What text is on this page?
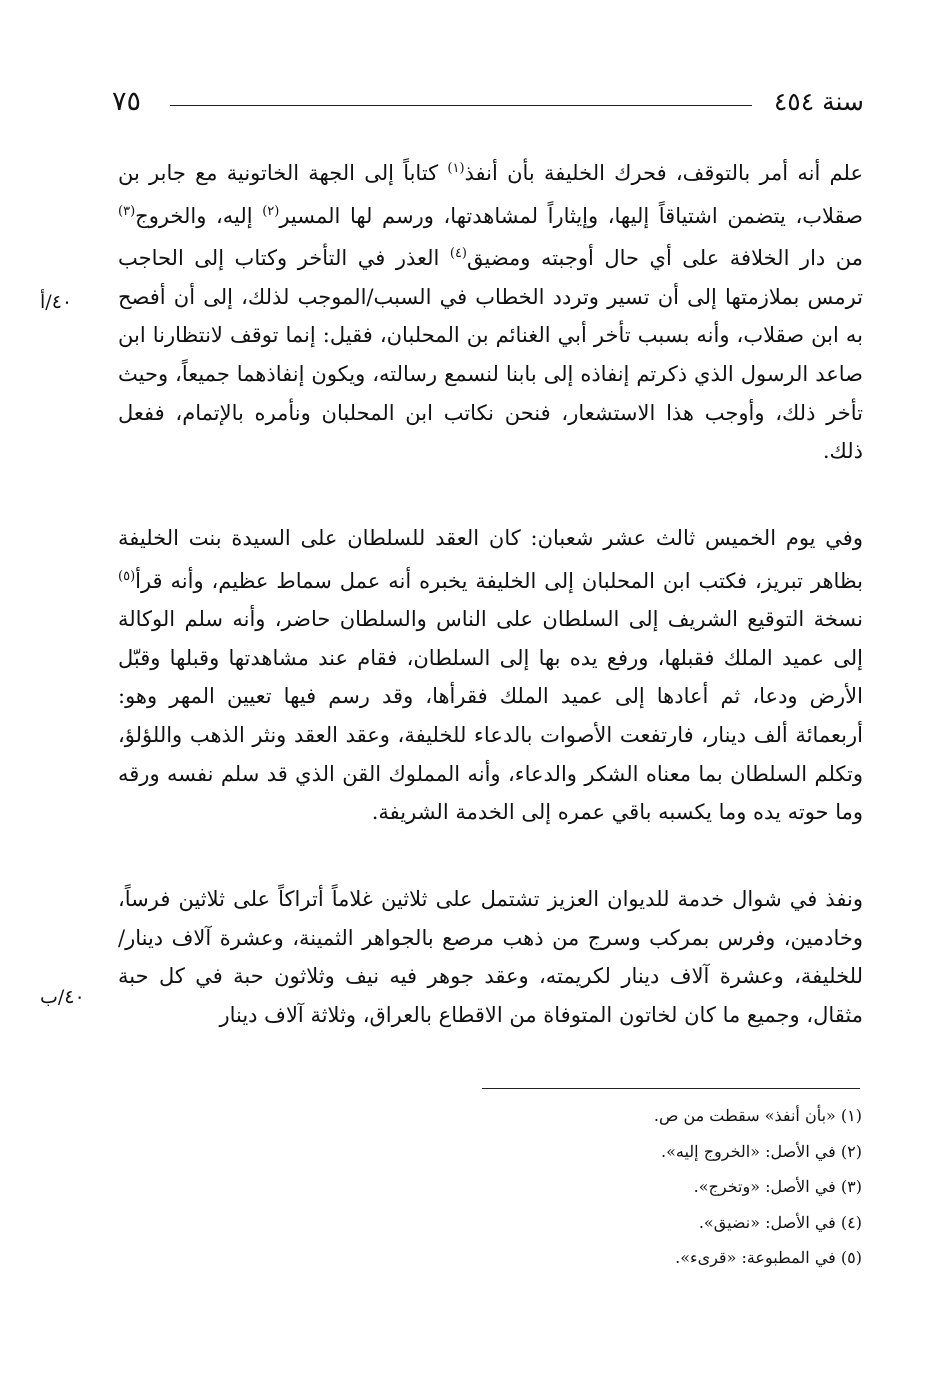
٧٥	سنة ٤٥٤
٤٠/أ
٤٠/ب

علم أنه أمر بالتوقف، فحرك الخليفة بأن أنفذ$^{(١)}$ كتاباً إلى الجهة الخاتونية مع جابر بن صقلاب، يتضمن اشتياقاً إليها، وإيثاراً لمشاهدتها، ورسم لها المسير$^{(٢)}$ إليه، والخروج$^{(٣)}$ من دار الخلافة على أي حال أوجبته ومضيق$^{(٤)}$ العذر في التأخر وكتاب إلى الحاجب ترمس بملازمتها إلى أن تسير وتردد الخطاب في السبب/الموجب لذلك، إلى أن أفصح به ابن صقلاب، وأنه بسبب تأخر أبي الغنائم بن المحلبان، فقيل: إنما توقف لانتظارنا ابن صاعد الرسول الذي ذكرتم إنفاذه إلى بابنا لنسمع رسالته، ويكون إنفاذهما جميعاً، وحيث تأخر ذلك، وأوجب هذا الاستشعار، فنحن نكاتب ابن المحلبان ونأمره بالإتمام، ففعل ذلك.

وفي يوم الخميس ثالث عشر شعبان: كان العقد للسلطان على السيدة بنت الخليفة بظاهر تبريز، فكتب ابن المحلبان إلى الخليفة يخبره أنه عمل سماط عظيم، وأنه قرأ$^{(٥)}$ نسخة التوقيع الشريف إلى السلطان على الناس والسلطان حاضر، وأنه سلم الوكالة إلى عميد الملك فقبلها، ورفع يده بها إلى السلطان، فقام عند مشاهدتها وقبلها وقبّل الأرض ودعا، ثم أعادها إلى عميد الملك فقرأها، وقد رسم فيها تعيين المهر وهو: أربعمائة ألف دينار، فارتفعت الأصوات بالدعاء للخليفة، وعقد العقد ونثر الذهب واللؤلؤ، وتكلم السلطان بما معناه الشكر والدعاء، وأنه المملوك القن الذي قد سلم نفسه ورقه وما حوته يده وما يكسبه باقي عمره إلى الخدمة الشريفة.

ونفذ في شوال خدمة للديوان العزيز تشتمل على ثلاثين غلاماً أتراكاً على ثلاثين فرساً، وخادمين، وفرس بمركب وسرج من ذهب مرصع بالجواهر الثمينة، وعشرة آلاف دينار/للخليفة، وعشرة آلاف دينار لكريمته، وعقد جوهر فيه نيف وثلاثون حبة في كل حبة مثقال، وجميع ما كان لخاتون المتوفاة من الاقطاع بالعراق، وثلاثة آلاف دينار

(١) «بأن أنفذ» سقطت من ص.
(٢) في الأصل: «الخروج إليه».
(٣) في الأصل: «وتخرج».
(٤) في الأصل: «نضيق».
(٥) في المطبوعة: «قرىء».
